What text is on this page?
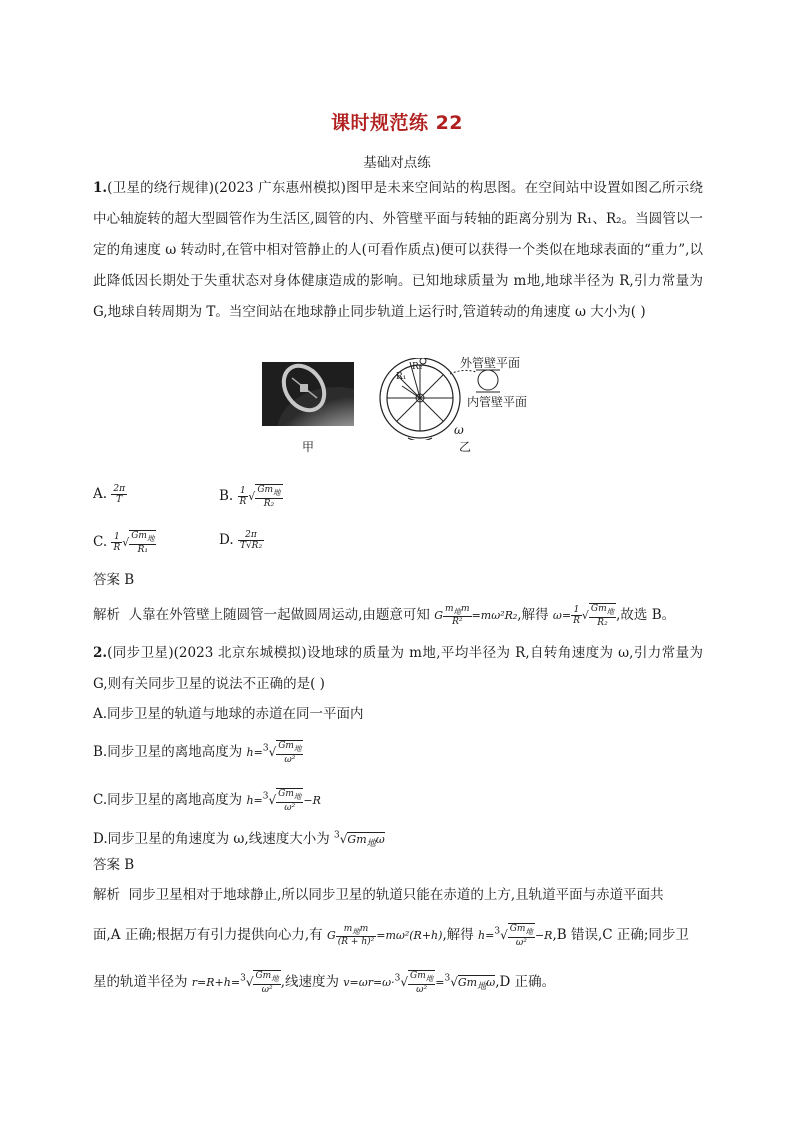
课时规范练 22
基础对点练
1.(卫星的绕行规律)(2023 广东惠州模拟)图甲是未来空间站的构思图。在空间站中设置如图乙所示绕中心轴旋转的超大型圆管作为生活区,圆管的内、外管壁平面与转轴的距离分别为 R₁、R₂。当圆管以一定的角速度 ω 转动时,在管中相对管静止的人(可看作质点)便可以获得一个类似在地球表面的“重力”,以此降低因长期处于失重状态对身体健康造成的影响。已知地球质量为 m地,地球半径为 R,引力常量为 G,地球自转周期为 T。当空间站在地球静止同步轨道上运行时,管道转动的角速度 ω 大小为( )
甲
R₁
R₂	外管壁平面
内管壁平面
ω
乙
A. $\frac{2\pi}{T}$	B. $\frac{1}{R}$ √ $\frac{Gm_地}{\text{R₂}}$
C. $\frac{1}{R}$ √ $\frac{Gm_地}{\text{R₁}}$	D. $\frac{2\pi}{\text{T√R₂}}$
答案 B
解析 人靠在外管壁上随圆管一起做圆周运动,由题意可知 G $\frac{m_地m}{\text{R²}} =m\omega^2R_2$,解得 $\omega= \frac{1}{R}$ √ $\frac{Gm_地}{\text{R₂}}$ ,故选 B。
2.(同步卫星)(2023 北京东城模拟)设地球的质量为 m地,平均半径为 R,自转角速度为 ω,引力常量为 G,则有关同步卫星的说法不正确的是( )
A.同步卫星的轨道与地球的赤道在同一平面内
B.同步卫星的离地高度为 $h=^3√ \frac{Gm_地}{\text{ω²}}$
C.同步卫星的离地高度为 $h=^3√ \frac{Gm_地}{\text{ω²}} -R$
D.同步卫星的角速度为 ω,线速度大小为 $^3√Gm_地\omega$
答案 B
解析 同步卫星相对于地球静止,所以同步卫星的轨道只能在赤道的上方,且轨道平面与赤道平面共
面,A 正确;根据万有引力提供向心力,有 G $\frac{m_地m}{\text{(R + h)²}} =m\omega^2(R+h)$,解得 $h=^3√ \frac{Gm_地}{\text{ω²}} -R,B$ 错误,C 正确;同步卫
星的轨道半径为 $r=R+h=^3√ \frac{Gm_地}{\text{ω²}}$ ,线速度为 $v=\omega r=\omega\cdot^3√ \frac{Gm_地}{\text{ω²}} =^3√Gm_地\omega,D$ 正确。
